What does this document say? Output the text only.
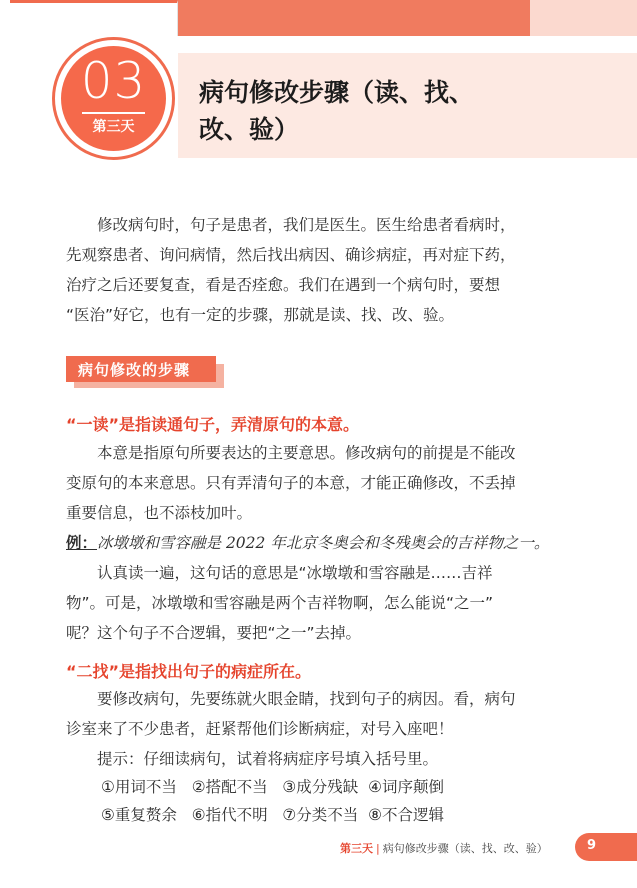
03
第三天
病句修改步骤（读、找、
改、验）
修改病句时，句子是患者，我们是医生。医生给患者看病时，
先观察患者、询问病情，然后找出病因、确诊病症，再对症下药，
治疗之后还要复查，看是否痊愈。我们在遇到一个病句时，要想
“医治”好它，也有一定的步骤，那就是读、找、改、验。
病句修改的步骤
“一读”是指读通句子，弄清原句的本意。
本意是指原句所要表达的主要意思。修改病句的前提是不能改
变原句的本来意思。只有弄清句子的本意，才能正确修改，不丢掉
重要信息，也不添枝加叶。
例：冰墩墩和雪容融是 2022 年北京冬奥会和冬残奥会的吉祥物之一。
认真读一遍，这句话的意思是“冰墩墩和雪容融是……吉祥
物”。可是，冰墩墩和雪容融是两个吉祥物啊，怎么能说“之一”
呢？这个句子不合逻辑，要把“之一”去掉。
“二找”是指找出句子的病症所在。
要修改病句，先要练就火眼金睛，找到句子的病因。看，病句
诊室来了不少患者，赶紧帮他们诊断病症，对号入座吧！
提示：仔细读病句，试着将病症序号填入括号里。
①用词不当 ②搭配不当 ③成分残缺 ④词序颠倒
⑤重复赘余 ⑥指代不明 ⑦分类不当 ⑧不合逻辑
第三天 | 病句修改步骤（读、找、改、验）	9
